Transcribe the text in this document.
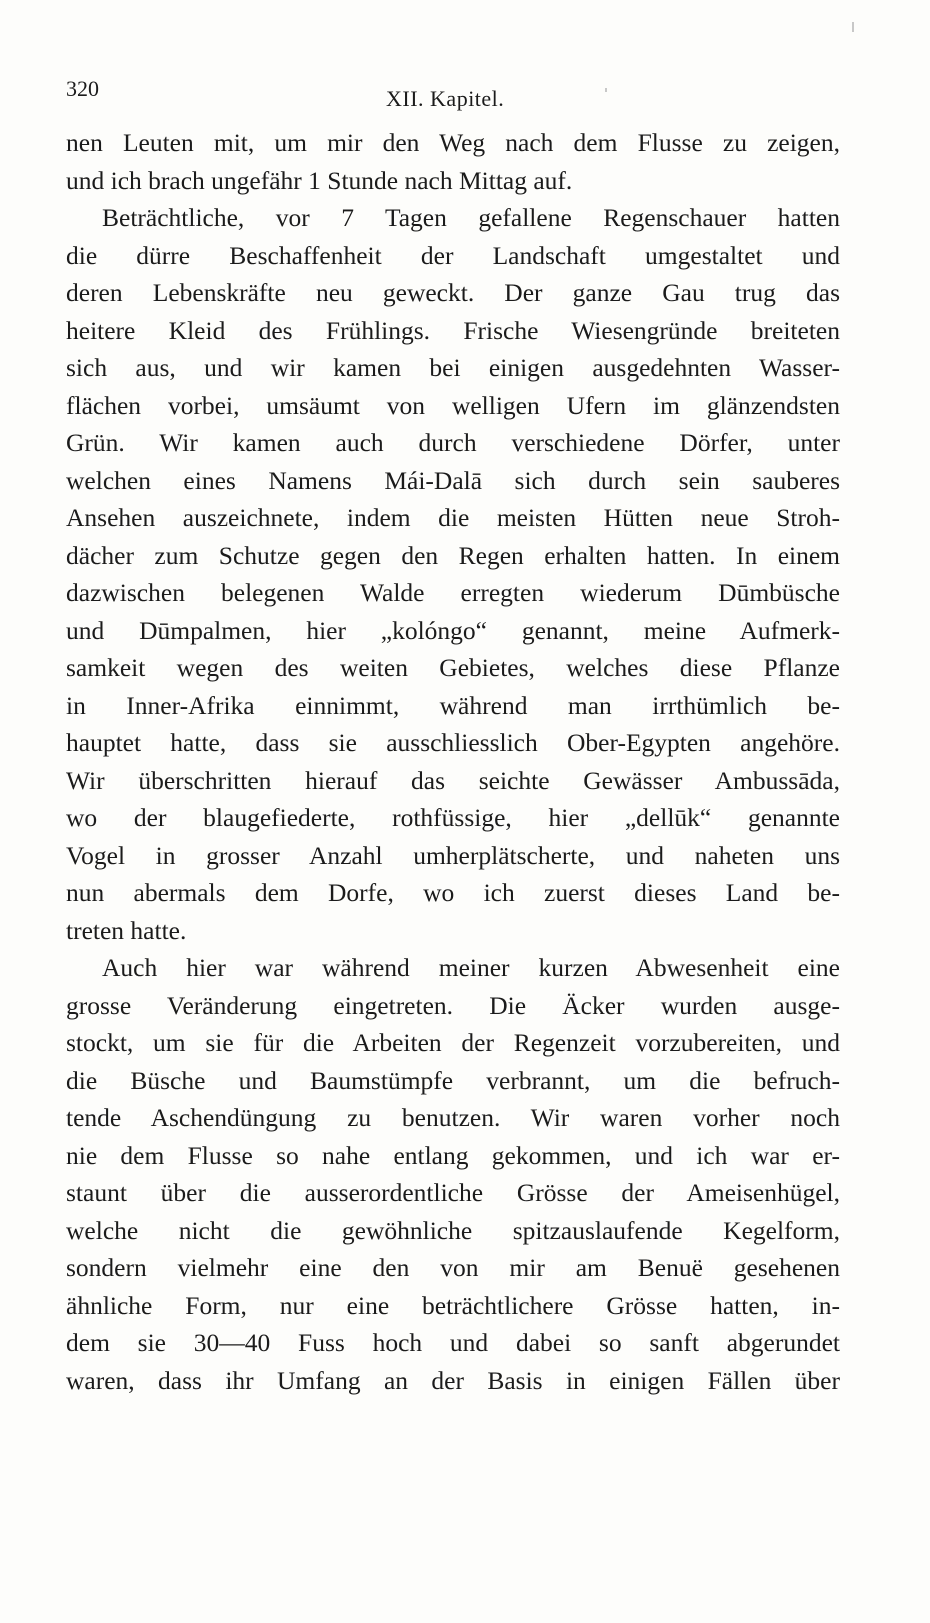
320	XII. Kapitel.
nen Leuten mit, um mir den Weg nach dem Flusse zu zeigen,
und ich brach ungefähr 1 Stunde nach Mittag auf.
Beträchtliche, vor 7 Tagen gefallene Regenschauer hatten
die dürre Beschaffenheit der Landschaft umgestaltet und
deren Lebenskräfte neu geweckt. Der ganze Gau trug das
heitere Kleid des Frühlings. Frische Wiesengründe breiteten
sich aus, und wir kamen bei einigen ausgedehnten Wasser-
flächen vorbei, umsäumt von welligen Ufern im glänzendsten
Grün. Wir kamen auch durch verschiedene Dörfer, unter
welchen eines Namens Mái-Dalā sich durch sein sauberes
Ansehen auszeichnete, indem die meisten Hütten neue Stroh-
dächer zum Schutze gegen den Regen erhalten hatten. In einem
dazwischen belegenen Walde erregten wiederum Dūmbüsche
und Dūmpalmen, hier „kolóngo“ genannt, meine Aufmerk-
samkeit wegen des weiten Gebietes, welches diese Pflanze
in Inner-Afrika einnimmt, während man irrthümlich be-
hauptet hatte, dass sie ausschliesslich Ober-Egypten angehöre.
Wir überschritten hierauf das seichte Gewässer Ambussāda,
wo der blaugefiederte, rothfüssige, hier „dellūk“ genannte
Vogel in grosser Anzahl umherplätscherte, und naheten uns
nun abermals dem Dorfe, wo ich zuerst dieses Land be-
treten hatte.
Auch hier war während meiner kurzen Abwesenheit eine
grosse Veränderung eingetreten. Die Äcker wurden ausge-
stockt, um sie für die Arbeiten der Regenzeit vorzubereiten, und
die Büsche und Baumstümpfe verbrannt, um die befruch-
tende Aschendüngung zu benutzen. Wir waren vorher noch
nie dem Flusse so nahe entlang gekommen, und ich war er-
staunt über die ausserordentliche Grösse der Ameisenhügel,
welche nicht die gewöhnliche spitzauslaufende Kegelform,
sondern vielmehr eine den von mir am Benuë gesehenen
ähnliche Form, nur eine beträchtlichere Grösse hatten, in-
dem sie 30—40 Fuss hoch und dabei so sanft abgerundet
waren, dass ihr Umfang an der Basis in einigen Fällen über
